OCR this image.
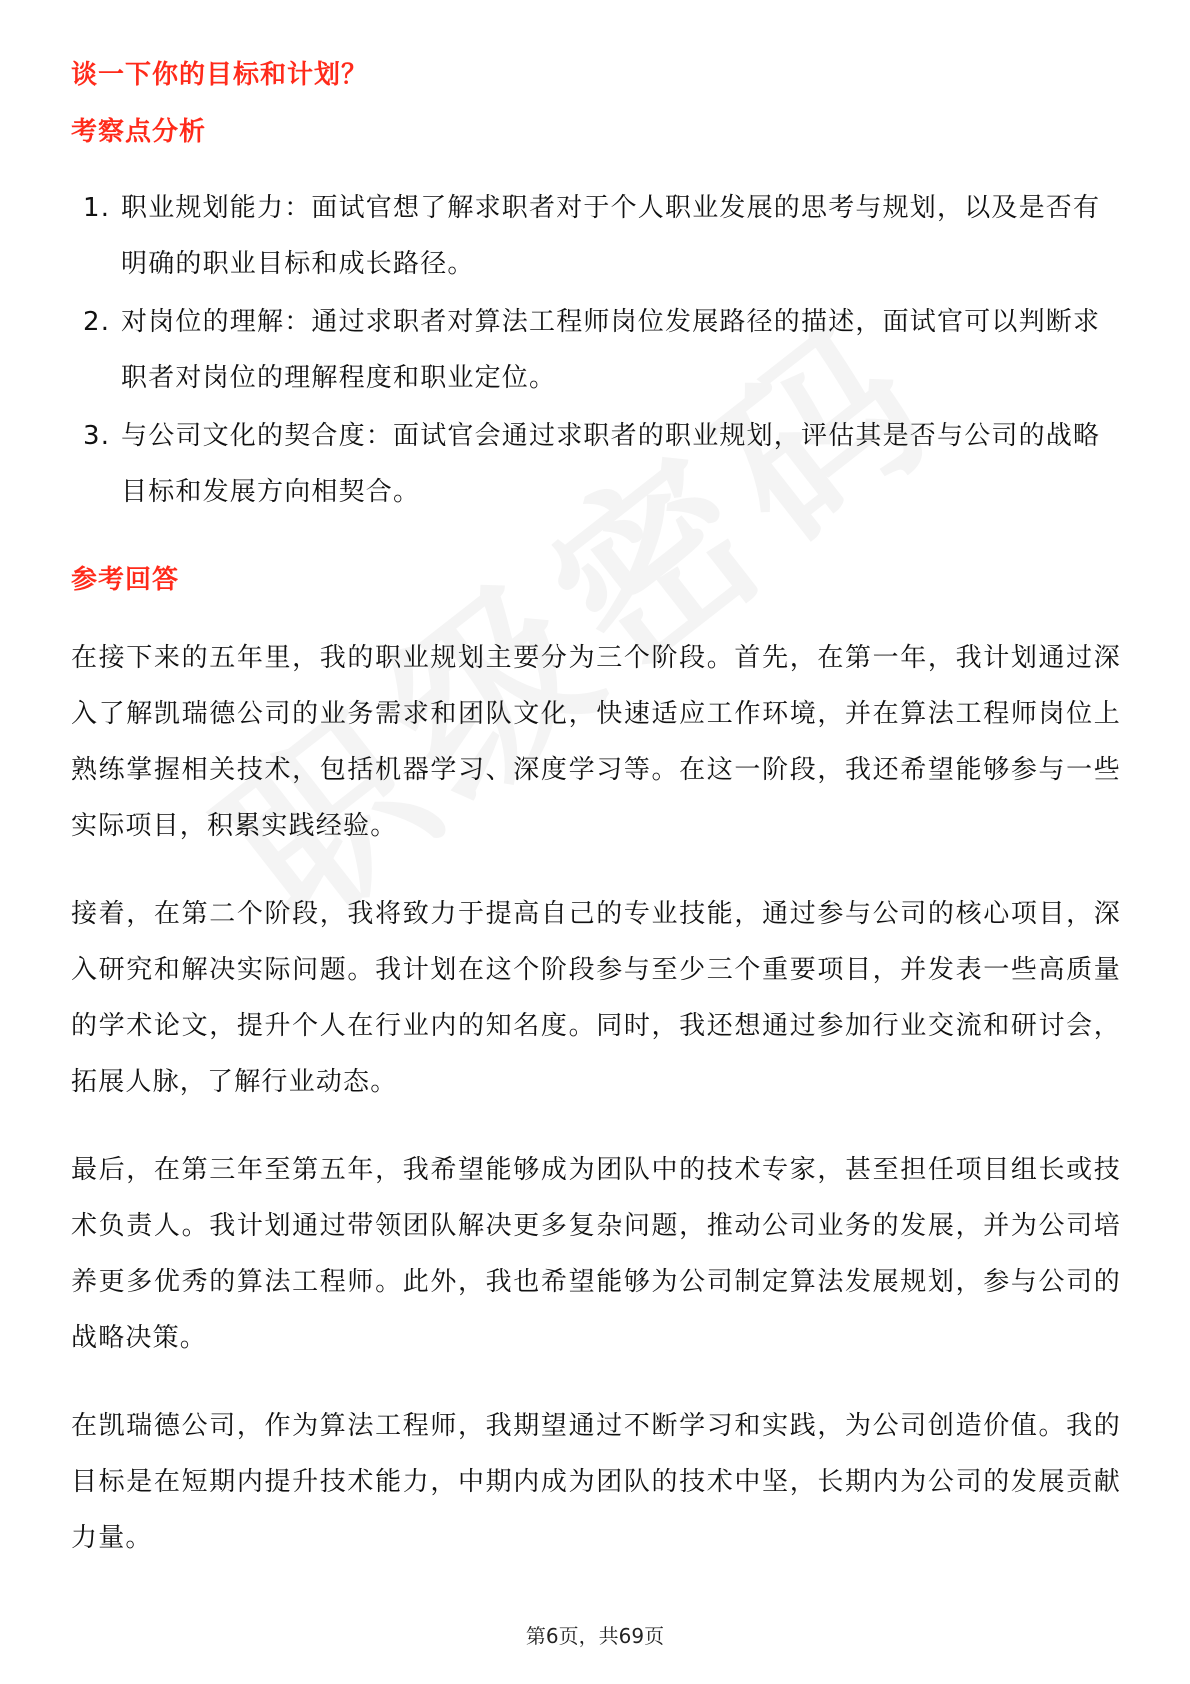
谈一下你的目标和计划？
考察点分析
1. 职业规划能力：面试官想了解求职者对于个人职业发展的思考与规划，以及是否有明确的职业目标和成长路径。
2. 对岗位的理解：通过求职者对算法工程师岗位发展路径的描述，面试官可以判断求职者对岗位的理解程度和职业定位。
3. 与公司文化的契合度：面试官会通过求职者的职业规划，评估其是否与公司的战略目标和发展方向相契合。
参考回答

在接下来的五年里，我的职业规划主要分为三个阶段。首先，在第一年，我计划通过深入了解凯瑞德公司的业务需求和团队文化，快速适应工作环境，并在算法工程师岗位上熟练掌握相关技术，包括机器学习、深度学习等。在这一阶段，我还希望能够参与一些实际项目，积累实践经验。

接着，在第二个阶段，我将致力于提高自己的专业技能，通过参与公司的核心项目，深入研究和解决实际问题。我计划在这个阶段参与至少三个重要项目，并发表一些高质量的学术论文，提升个人在行业内的知名度。同时，我还想通过参加行业交流和研讨会，拓展人脉，了解行业动态。

最后，在第三年至第五年，我希望能够成为团队中的技术专家，甚至担任项目组长或技术负责人。我计划通过带领团队解决更多复杂问题，推动公司业务的发展，并为公司培养更多优秀的算法工程师。此外，我也希望能够为公司制定算法发展规划，参与公司的战略决策。

在凯瑞德公司，作为算法工程师，我期望通过不断学习和实践，为公司创造价值。我的目标是在短期内提升技术能力，中期内成为团队的技术中坚，长期内为公司的发展贡献力量。

第6页，共69页
